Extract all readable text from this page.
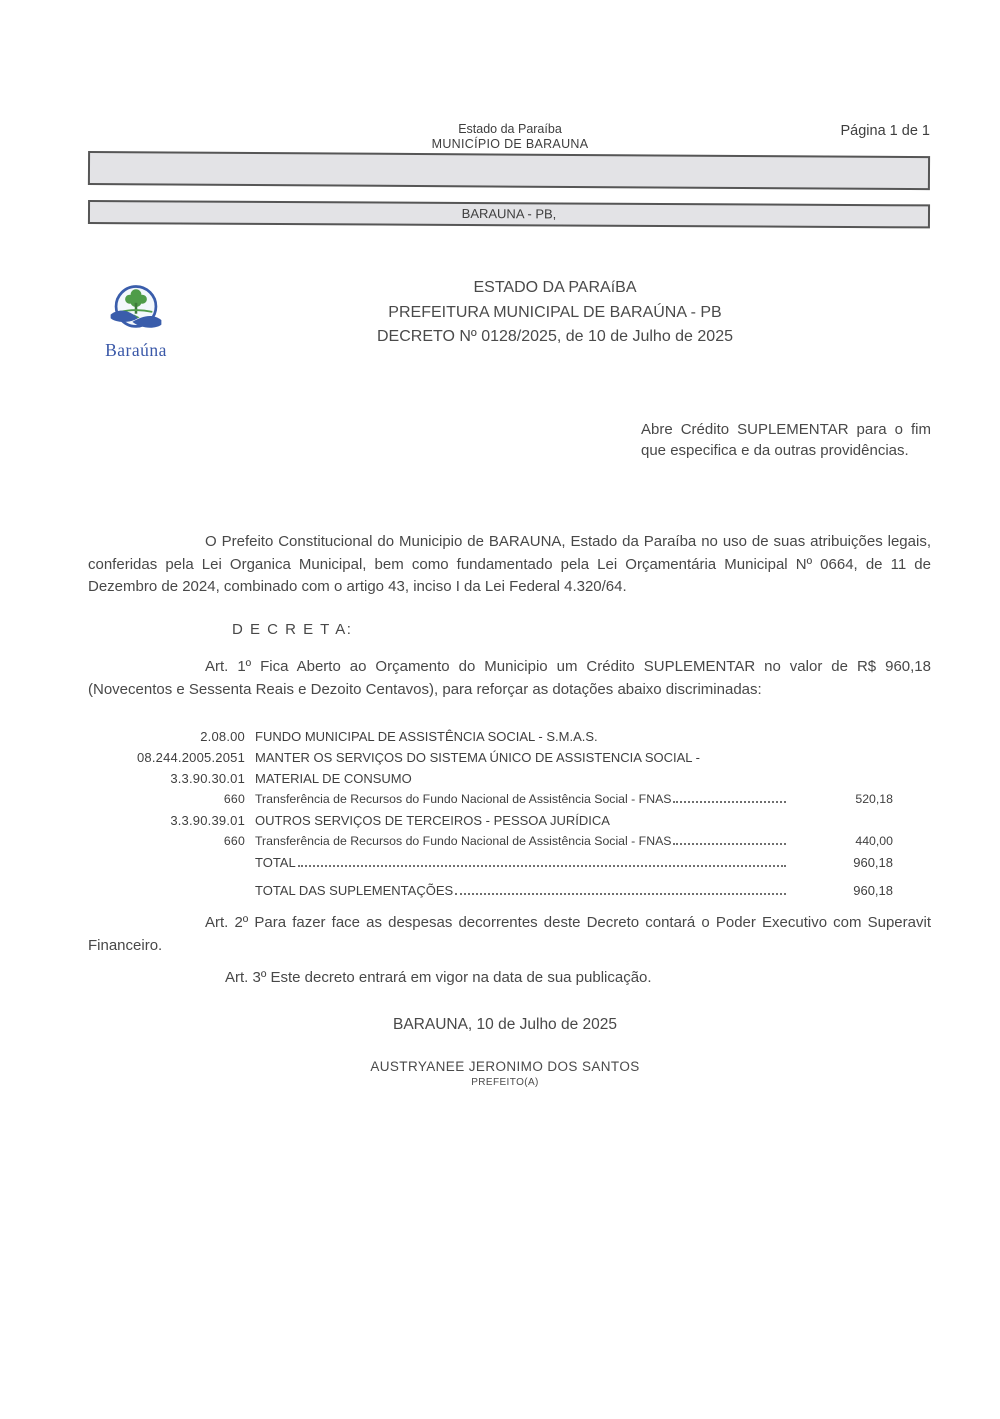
Estado da Paraíba
MUNICÍPIO DE BARAUNA
Página 1 de 1
BARAUNA - PB,
Baraúna
ESTADO DA PARAíBA
PREFEITURA MUNICIPAL DE BARAÚNA - PB
DECRETO Nº 0128/2025, de 10 de Julho de 2025
Abre Crédito SUPLEMENTAR para o fim que especifica e da outras providências.
O Prefeito Constitucional do Municipio de BARAUNA, Estado da Paraíba no uso de suas atribuições legais, conferidas pela Lei Organica Municipal, bem como fundamentado pela Lei Orçamentária Municipal Nº 0664, de 11 de Dezembro de 2024, combinado com o artigo 43, inciso I da Lei Federal 4.320/64.
D E C R E T A:
Art. 1º Fica Aberto ao Orçamento do Municipio um Crédito SUPLEMENTAR no valor de R$ 960,18 (Novecentos e Sessenta Reais e Dezoito Centavos), para reforçar as dotações abaixo discriminadas:
2.08.00 FUNDO MUNICIPAL DE ASSISTÊNCIA SOCIAL - S.M.A.S.
08.244.2005.2051 MANTER OS SERVIÇOS DO SISTEMA ÚNICO DE ASSISTENCIA SOCIAL -
3.3.90.30.01 MATERIAL DE CONSUMO
660 Transferência de Recursos do Fundo Nacional de Assistência Social - FNAS	520,18
3.3.90.39.01 OUTROS SERVIÇOS DE TERCEIROS - PESSOA JURÍDICA
660 Transferência de Recursos do Fundo Nacional de Assistência Social - FNAS	440,00
TOTAL	960,18
TOTAL DAS SUPLEMENTAÇÕES	960,18
Art. 2º Para fazer face as despesas decorrentes deste Decreto contará o Poder Executivo com Superavit Financeiro.
Art. 3º Este decreto entrará em vigor na data de sua publicação.
BARAUNA, 10 de Julho de 2025
AUSTRYANEE JERONIMO DOS SANTOS
PREFEITO(A)
